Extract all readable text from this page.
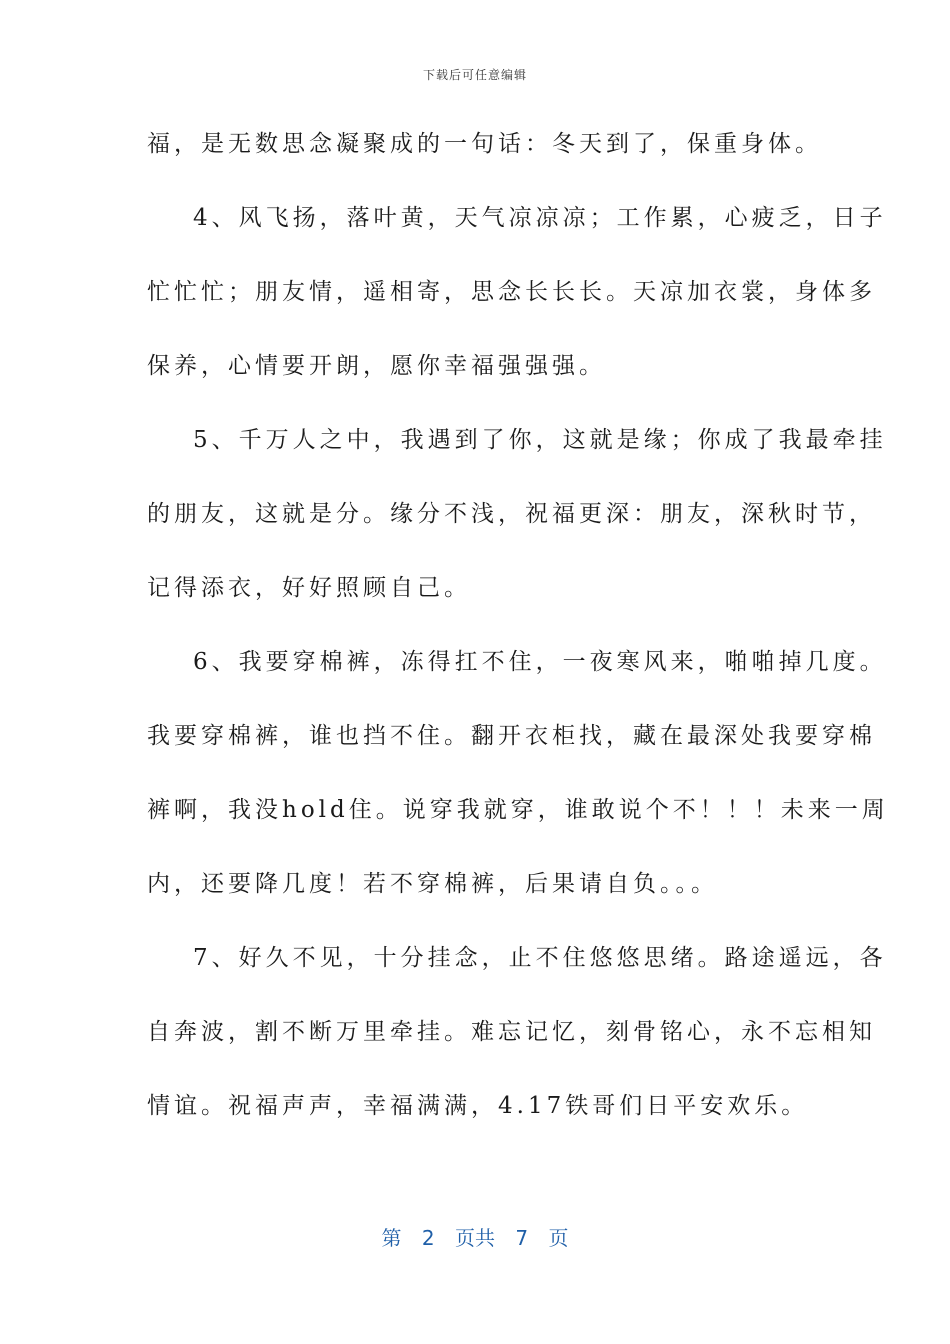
下载后可任意编辑
福，是无数思念凝聚成的一句话：冬天到了，保重身体。
4、风飞扬，落叶黄，天气凉凉凉；工作累，心疲乏，日子
忙忙忙；朋友情，遥相寄，思念长长长。天凉加衣裳，身体多
保养，心情要开朗，愿你幸福强强强。
5、千万人之中，我遇到了你，这就是缘；你成了我最牵挂
的朋友，这就是分。缘分不浅，祝福更深：朋友，深秋时节，
记得添衣，好好照顾自己。
6、我要穿棉裤，冻得扛不住，一夜寒风来，啪啪掉几度。
我要穿棉裤，谁也挡不住。翻开衣柜找，藏在最深处我要穿棉
裤啊，我没hold住。说穿我就穿，谁敢说个不！！！未来一周
内，还要降几度！若不穿棉裤，后果请自负。。。
7、好久不见，十分挂念，止不住悠悠思绪。路途遥远，各
自奔波，割不断万里牵挂。难忘记忆，刻骨铭心，永不忘相知
情谊。祝福声声，幸福满满，4.17铁哥们日平安欢乐。
第 2 页共 7 页
